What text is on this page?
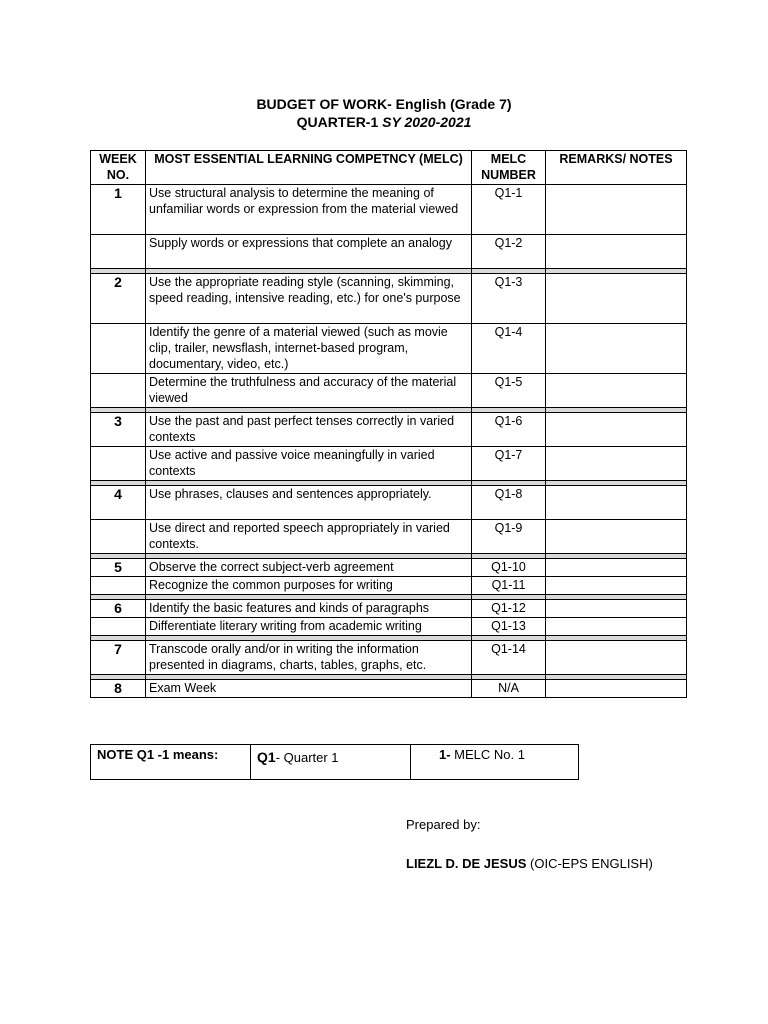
BUDGET OF WORK- English (Grade 7)
QUARTER-1 SY 2020-2021
WEEK NO.	MOST ESSENTIAL LEARNING COMPETNCY (MELC)	MELC NUMBER	REMARKS/ NOTES
1	Use structural analysis to determine the meaning of unfamiliar words or expression from the material viewed	Q1-1	
	Supply words or expressions that complete an analogy	Q1-2	

2	Use the appropriate reading style (scanning, skimming, speed reading, intensive reading, etc.) for one's purpose	Q1-3	
	Identify the genre of a material viewed (such as movie clip, trailer, newsflash, internet-based program, documentary, video, etc.)	Q1-4	
	Determine the truthfulness and accuracy of the material viewed	Q1-5	

3	Use the past and past perfect tenses correctly in varied contexts	Q1-6	
	Use active and passive voice meaningfully in varied contexts	Q1-7	

4	Use phrases, clauses and sentences appropriately.	Q1-8	
	Use direct and reported speech appropriately in varied contexts.	Q1-9	

5	Observe the correct subject-verb agreement	Q1-10	
	Recognize the common purposes for writing	Q1-11	

6	Identify the basic features and kinds of paragraphs	Q1-12	
	Differentiate literary writing from academic writing	Q1-13	

7	Transcode orally and/or in writing the information presented in diagrams, charts, tables, graphs, etc.	Q1-14	

8	Exam Week	N/A	
NOTE Q1 -1 means:	Q1- Quarter 1	1- MELC No. 1
Prepared by:
LIEZL D. DE JESUS (OIC-EPS ENGLISH)
